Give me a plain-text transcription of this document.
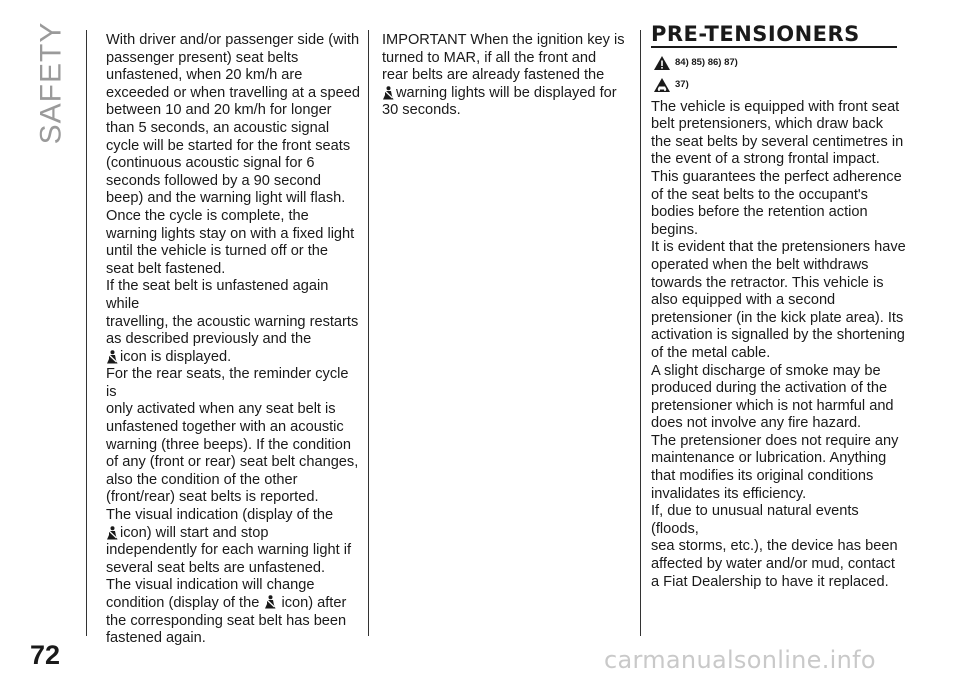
SAFETY	With driver and/or passenger side (with

passenger present) seat belts

unfastened, when 20 km/h are

exceeded or when travelling at a speed

between 10 and 20 km/h for longer

than 5 seconds, an acoustic signal

cycle will be started for the front seats

(continuous acoustic signal for 6

seconds followed by a 90 second

beep) and the warning light will flash.

Once the cycle is complete, the

warning lights stay on with a fixed light

until the vehicle is turned off or the

seat belt fastened.

If the seat belt is unfastened again while

travelling, the acoustic warning restarts

as described previously and the

icon is displayed.

For the rear seats, the reminder cycle is

only activated when any seat belt is

unfastened together with an acoustic

warning (three beeps). If the condition

of any (front or rear) seat belt changes,

also the condition of the other

(front/rear) seat belts is reported.

The visual indication (display of the

icon) will start and stop

independently for each warning light if

several seat belts are unfastened.

The visual indication will change

condition (display of the icon) after

the corresponding seat belt has been

fastened again.

IMPORTANT When the ignition key is

turned to MAR, if all the front and

rear belts are already fastened the

warning lights will be displayed for

30 seconds.

PRE-TENSIONERS
84) 85) 86) 87)
37)

The vehicle is equipped with front seat

belt pretensioners, which draw back

the seat belts by several centimetres in

the event of a strong frontal impact.

This guarantees the perfect adherence

of the seat belts to the occupant's

bodies before the retention action

begins.

It is evident that the pretensioners have

operated when the belt withdraws

towards the retractor. This vehicle is

also equipped with a second

pretensioner (in the kick plate area). Its

activation is signalled by the shortening

of the metal cable.

A slight discharge of smoke may be

produced during the activation of the

pretensioner which is not harmful and

does not involve any fire hazard.

The pretensioner does not require any

maintenance or lubrication. Anything

that modifies its original conditions

invalidates its efficiency.

If, due to unusual natural events (floods,

sea storms, etc.), the device has been

affected by water and/or mud, contact

a Fiat Dealership to have it replaced.

72	carmanualsonline.info
